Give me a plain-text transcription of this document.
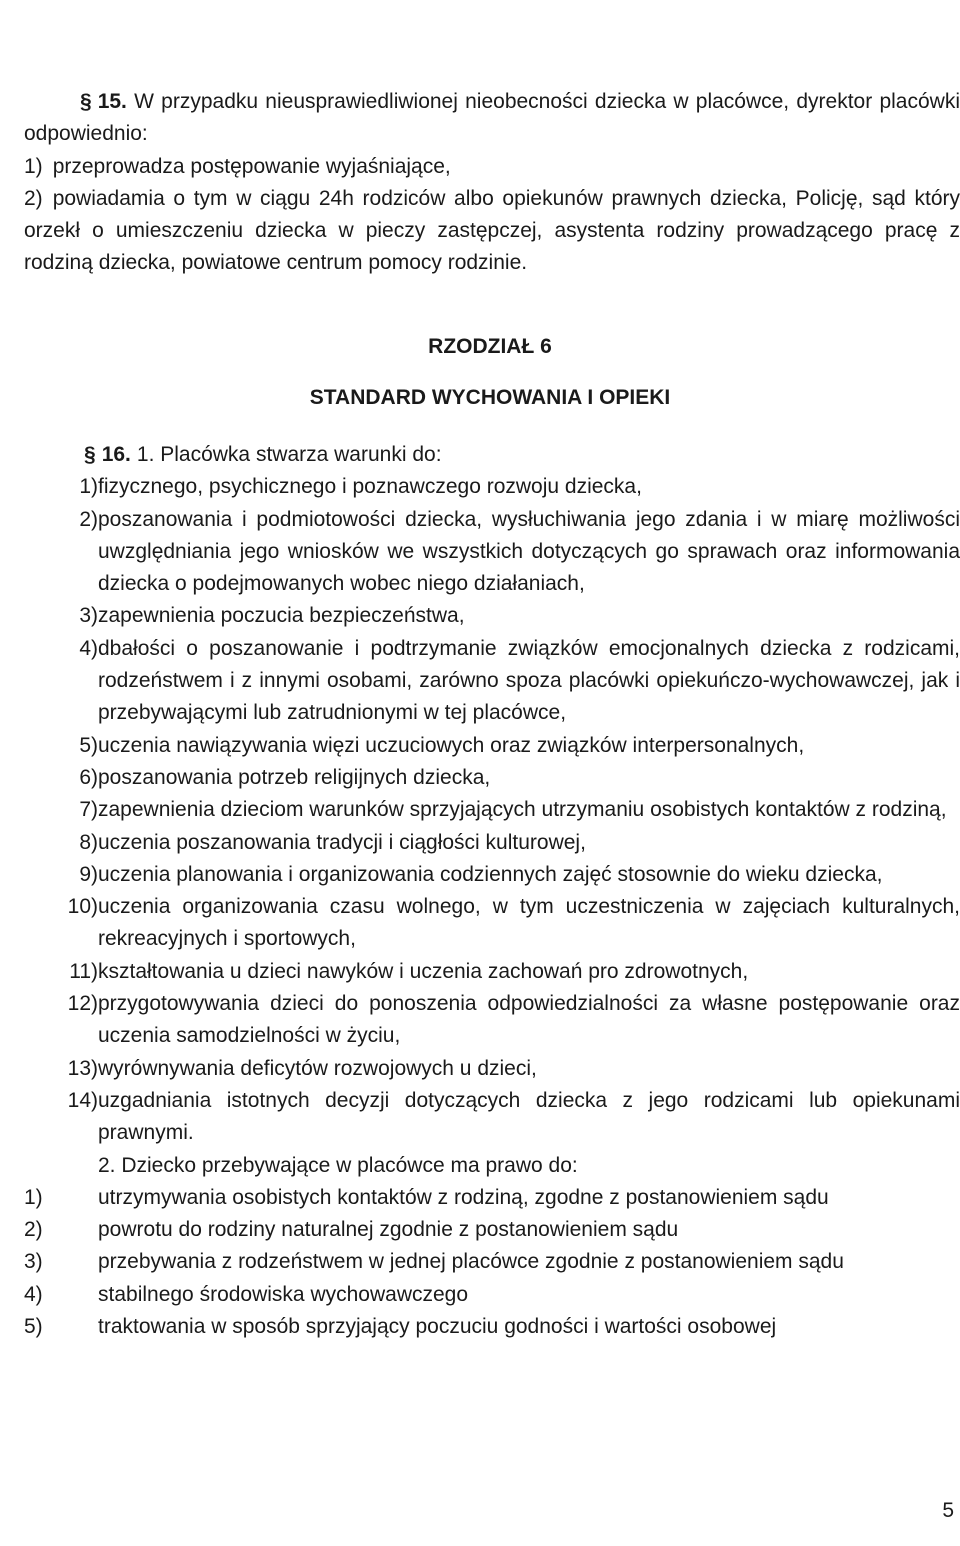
§ 15. W przypadku nieusprawiedliwionej nieobecności dziecka w placówce, dyrektor placówki odpowiednio:
1) przeprowadza postępowanie wyjaśniające,
2) powiadamia o tym w ciągu 24h rodziców albo opiekunów prawnych dziecka, Policję, sąd który orzekł o umieszczeniu dziecka w pieczy zastępczej, asystenta rodziny prowadzącego pracę z rodziną dziecka, powiatowe centrum pomocy rodzinie.
RZODZIAŁ 6
STANDARD WYCHOWANIA I OPIEKI
§ 16. 1. Placówka stwarza warunki do:
1) fizycznego, psychicznego i poznawczego rozwoju dziecka,
2) poszanowania i podmiotowości dziecka, wysłuchiwania jego zdania i w miarę możliwości uwzględniania jego wniosków we wszystkich dotyczących go sprawach oraz informowania dziecka o podejmowanych wobec niego działaniach,
3) zapewnienia poczucia bezpieczeństwa,
4) dbałości o poszanowanie i podtrzymanie związków emocjonalnych dziecka z rodzicami, rodzeństwem i z innymi osobami, zarówno spoza placówki opiekuńczo-wychowawczej, jak i przebywającymi lub zatrudnionymi w tej placówce,
5) uczenia nawiązywania więzi uczuciowych oraz związków interpersonalnych,
6) poszanowania potrzeb religijnych dziecka,
7) zapewnienia dzieciom warunków sprzyjających utrzymaniu osobistych kontaktów z rodziną,
8) uczenia poszanowania tradycji i ciągłości kulturowej,
9) uczenia planowania i organizowania codziennych zajęć stosownie do wieku dziecka,
10) uczenia organizowania czasu wolnego, w tym uczestniczenia w zajęciach kulturalnych, rekreacyjnych i sportowych,
11) kształtowania u dzieci nawyków i uczenia zachowań pro zdrowotnych,
12) przygotowywania dzieci do ponoszenia odpowiedzialności za własne postępowanie oraz uczenia samodzielności w życiu,
13) wyrównywania deficytów rozwojowych u dzieci,
14) uzgadniania istotnych decyzji dotyczących dziecka z jego rodzicami lub opiekunami prawnymi.
2. Dziecko przebywające w placówce ma prawo do:
1)	utrzymywania osobistych kontaktów z rodziną, zgodne z postanowieniem sądu
2)	powrotu do rodziny naturalnej zgodnie z postanowieniem sądu
3)	przebywania z rodzeństwem w jednej placówce zgodnie z postanowieniem sądu
4)	stabilnego środowiska wychowawczego
5)	traktowania w sposób sprzyjający poczuciu godności i wartości osobowej
5
